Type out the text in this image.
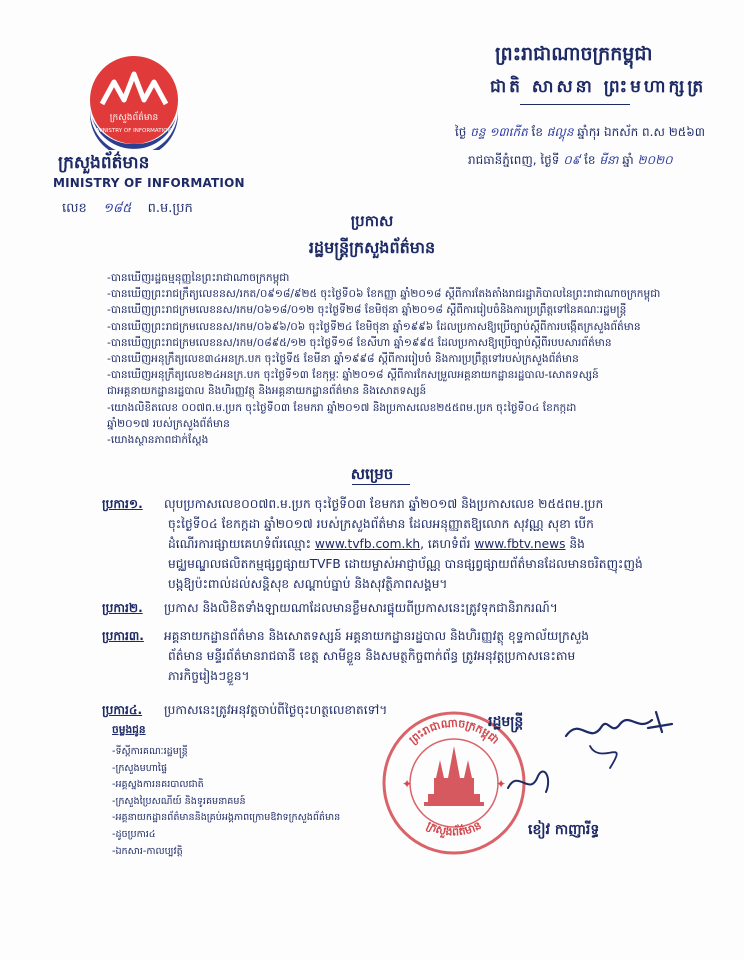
ក្រសួងព័ត៌មាន
MINISTRY OF INFORMATION
ក្រសួងព័ត៌មាន
MINISTRY OF INFORMATION
លេខ ១៨៥ ព.ម.ប្រក
ព្រះរាជាណាចក្រកម្ពុជា
ជាតិ សាសនា ព្រះមហាក្សត្រ
ថ្ងៃ ចន្ទ ១៣កើត ខែ ផល្គុន ឆ្នាំកុរ ឯកស័ក ព.ស ២៥៦៣
រាជធានីភ្នំពេញ, ថ្ងៃទី ០៩ ខែ មីនា ឆ្នាំ ២០២០
ប្រកាស
រដ្ឋមន្ត្រីក្រសួងព័ត៌មាន
-បានឃើញរដ្ឋធម្មនុញ្ញនៃព្រះរាជាណាចក្រកម្ពុជា
-បានឃើញព្រះរាជក្រឹត្យលេខនស/រកត/០៩១៨/៩២៥ ចុះថ្ងៃទី០៦ ខែកញ្ញា ឆ្នាំ២០១៨ ស្តីពីការតែងតាំងរាជរដ្ឋាភិបាលនៃព្រះរាជាណាចក្រកម្ពុជា
-បានឃើញព្រះរាជក្រមលេខនស/រកម/០៦១៨/០១២ ចុះថ្ងៃទី២៨ ខែមិថុនា ឆ្នាំ២០១៨ ស្តីពីការរៀបចំនិងការប្រព្រឹត្តទៅនៃគណៈរដ្ឋមន្ត្រី
-បានឃើញព្រះរាជក្រមលេខនស/រកម/០៦៩៦/០៦ ចុះថ្ងៃទី២៤ ខែមិថុនា ឆ្នាំ១៩៩៦ ដែលប្រកាសឱ្យប្រើច្បាប់ស្តីពីការបង្កើតក្រសួងព័ត៌មាន
-បានឃើញព្រះរាជក្រមលេខនស/រកម/០៨៩៥/១២ ចុះថ្ងៃទី១៨ ខែសីហា ឆ្នាំ១៩៩៥ ដែលប្រកាសឱ្យប្រើច្បាប់ស្តីពីរបបសារព័ត៌មាន
-បានឃើញអនុក្រឹត្យលេខ៣៤អនក្រ.បក ចុះថ្ងៃទី៥ ខែមីនា ឆ្នាំ១៩៩៨ ស្តីពីការរៀបចំ និងការប្រព្រឹត្តទៅរបស់ក្រសួងព័ត៌មាន
-បានឃើញអនុក្រឹត្យលេខ២៤អនក្រ.បក ចុះថ្ងៃទី១៣ ខែកុម្ភៈ ឆ្នាំ២០១៨ ស្តីពីការកែសម្រួលអគ្គនាយកដ្ឋានរដ្ឋបាល-សោតទស្សន៍
ជាអគ្គនាយកដ្ឋានរដ្ឋបាល និងហិរញ្ញវត្ថុ និងអគ្គនាយកដ្ឋានព័ត៌មាន និងសោតទស្សន៍
-យោងលិខិតលេខ ០០៧ព.ម.ប្រក ចុះថ្ងៃទី០៣ ខែមករា ឆ្នាំ២០១៧ និងប្រកាសលេខ២៥៥ពម.ប្រក ចុះថ្ងៃទី០៤ ខែកក្កដា
ឆ្នាំ២០១៧ របស់ក្រសួងព័ត៌មាន
-យោងស្ថានភាពជាក់ស្តែង
សម្រេច
ប្រការ១. លុបប្រកាសលេខ០០៧ព.ម.ប្រក ចុះថ្ងៃទី០៣ ខែមករា ឆ្នាំ២០១៧ និងប្រកាសលេខ ២៥៥ពម.ប្រក
ចុះថ្ងៃទី០៤ ខែកក្កដា ឆ្នាំ២០១៧ របស់ក្រសួងព័ត៌មាន ដែលអនុញ្ញាតឱ្យលោក សុវណ្ណ សុខា បើក
ដំណើរការផ្សាយគេហទំព័រឈ្មោះ www.tvfb.com.kh, គេហទំព័រ www.fbtv.news និង
មជ្ឈមណ្ឌលផលិតកម្មផ្សព្វផ្សាយTVFB ដោយម្ចាស់អាជ្ញាប័ណ្ណ បានផ្សព្វផ្សាយព័ត៌មានដែលមានចរិតញុះញង់
បង្កឱ្យប៉ះពាល់ដល់សន្តិសុខ សណ្តាប់ធ្នាប់ និងសុវត្ថិភាពសង្គម។
ប្រការ២. ប្រកាស និងលិខិតទាំងឡាយណាដែលមានខ្លឹមសារផ្ទុយពីប្រកាសនេះត្រូវទុកជានិរាករណ៍។
ប្រការ៣. អគ្គនាយកដ្ឋានព័ត៌មាន និងសោតទស្សន៍ អគ្គនាយកដ្ឋានរដ្ឋបាល និងហិរញ្ញវត្ថុ ខុទ្ទកាល័យក្រសួង
ព័ត៌មាន មន្ទីរព័ត៌មានរាជធានី ខេត្ត សាមីខ្លួន និងសមត្ថកិច្ចពាក់ព័ន្ធ ត្រូវអនុវត្តប្រកាសនេះតាម
ភារកិច្ចរៀងៗខ្លួន។
ប្រការ៤. ប្រកាសនេះត្រូវអនុវត្តចាប់ពីថ្ងៃចុះហត្ថលេខាតទៅ។
ចម្លងជូន
-ទីស្តីការគណៈរដ្ឋមន្ត្រី
-ក្រសួងមហាផ្ទៃ
-អគ្គស្នងការនគរបាលជាតិ
-ក្រសួងប្រៃសណីយ៍ និងទូរគមនាគមន៍
-អគ្គនាយកដ្ឋានព័ត៌មាននិងគ្រប់អង្គភាពក្រោមឱវាទក្រសួងព័ត៌មាន
-ដូចប្រការ៤
-ឯកសារ-កាលប្បវត្តិ
ព្រះរាជាណាចក្រកម្ពុជា
ក្រសួងព័ត៌មាន
✦	✦
រដ្ឋមន្ត្រី
ខៀវ កាញារីទ្ធ
